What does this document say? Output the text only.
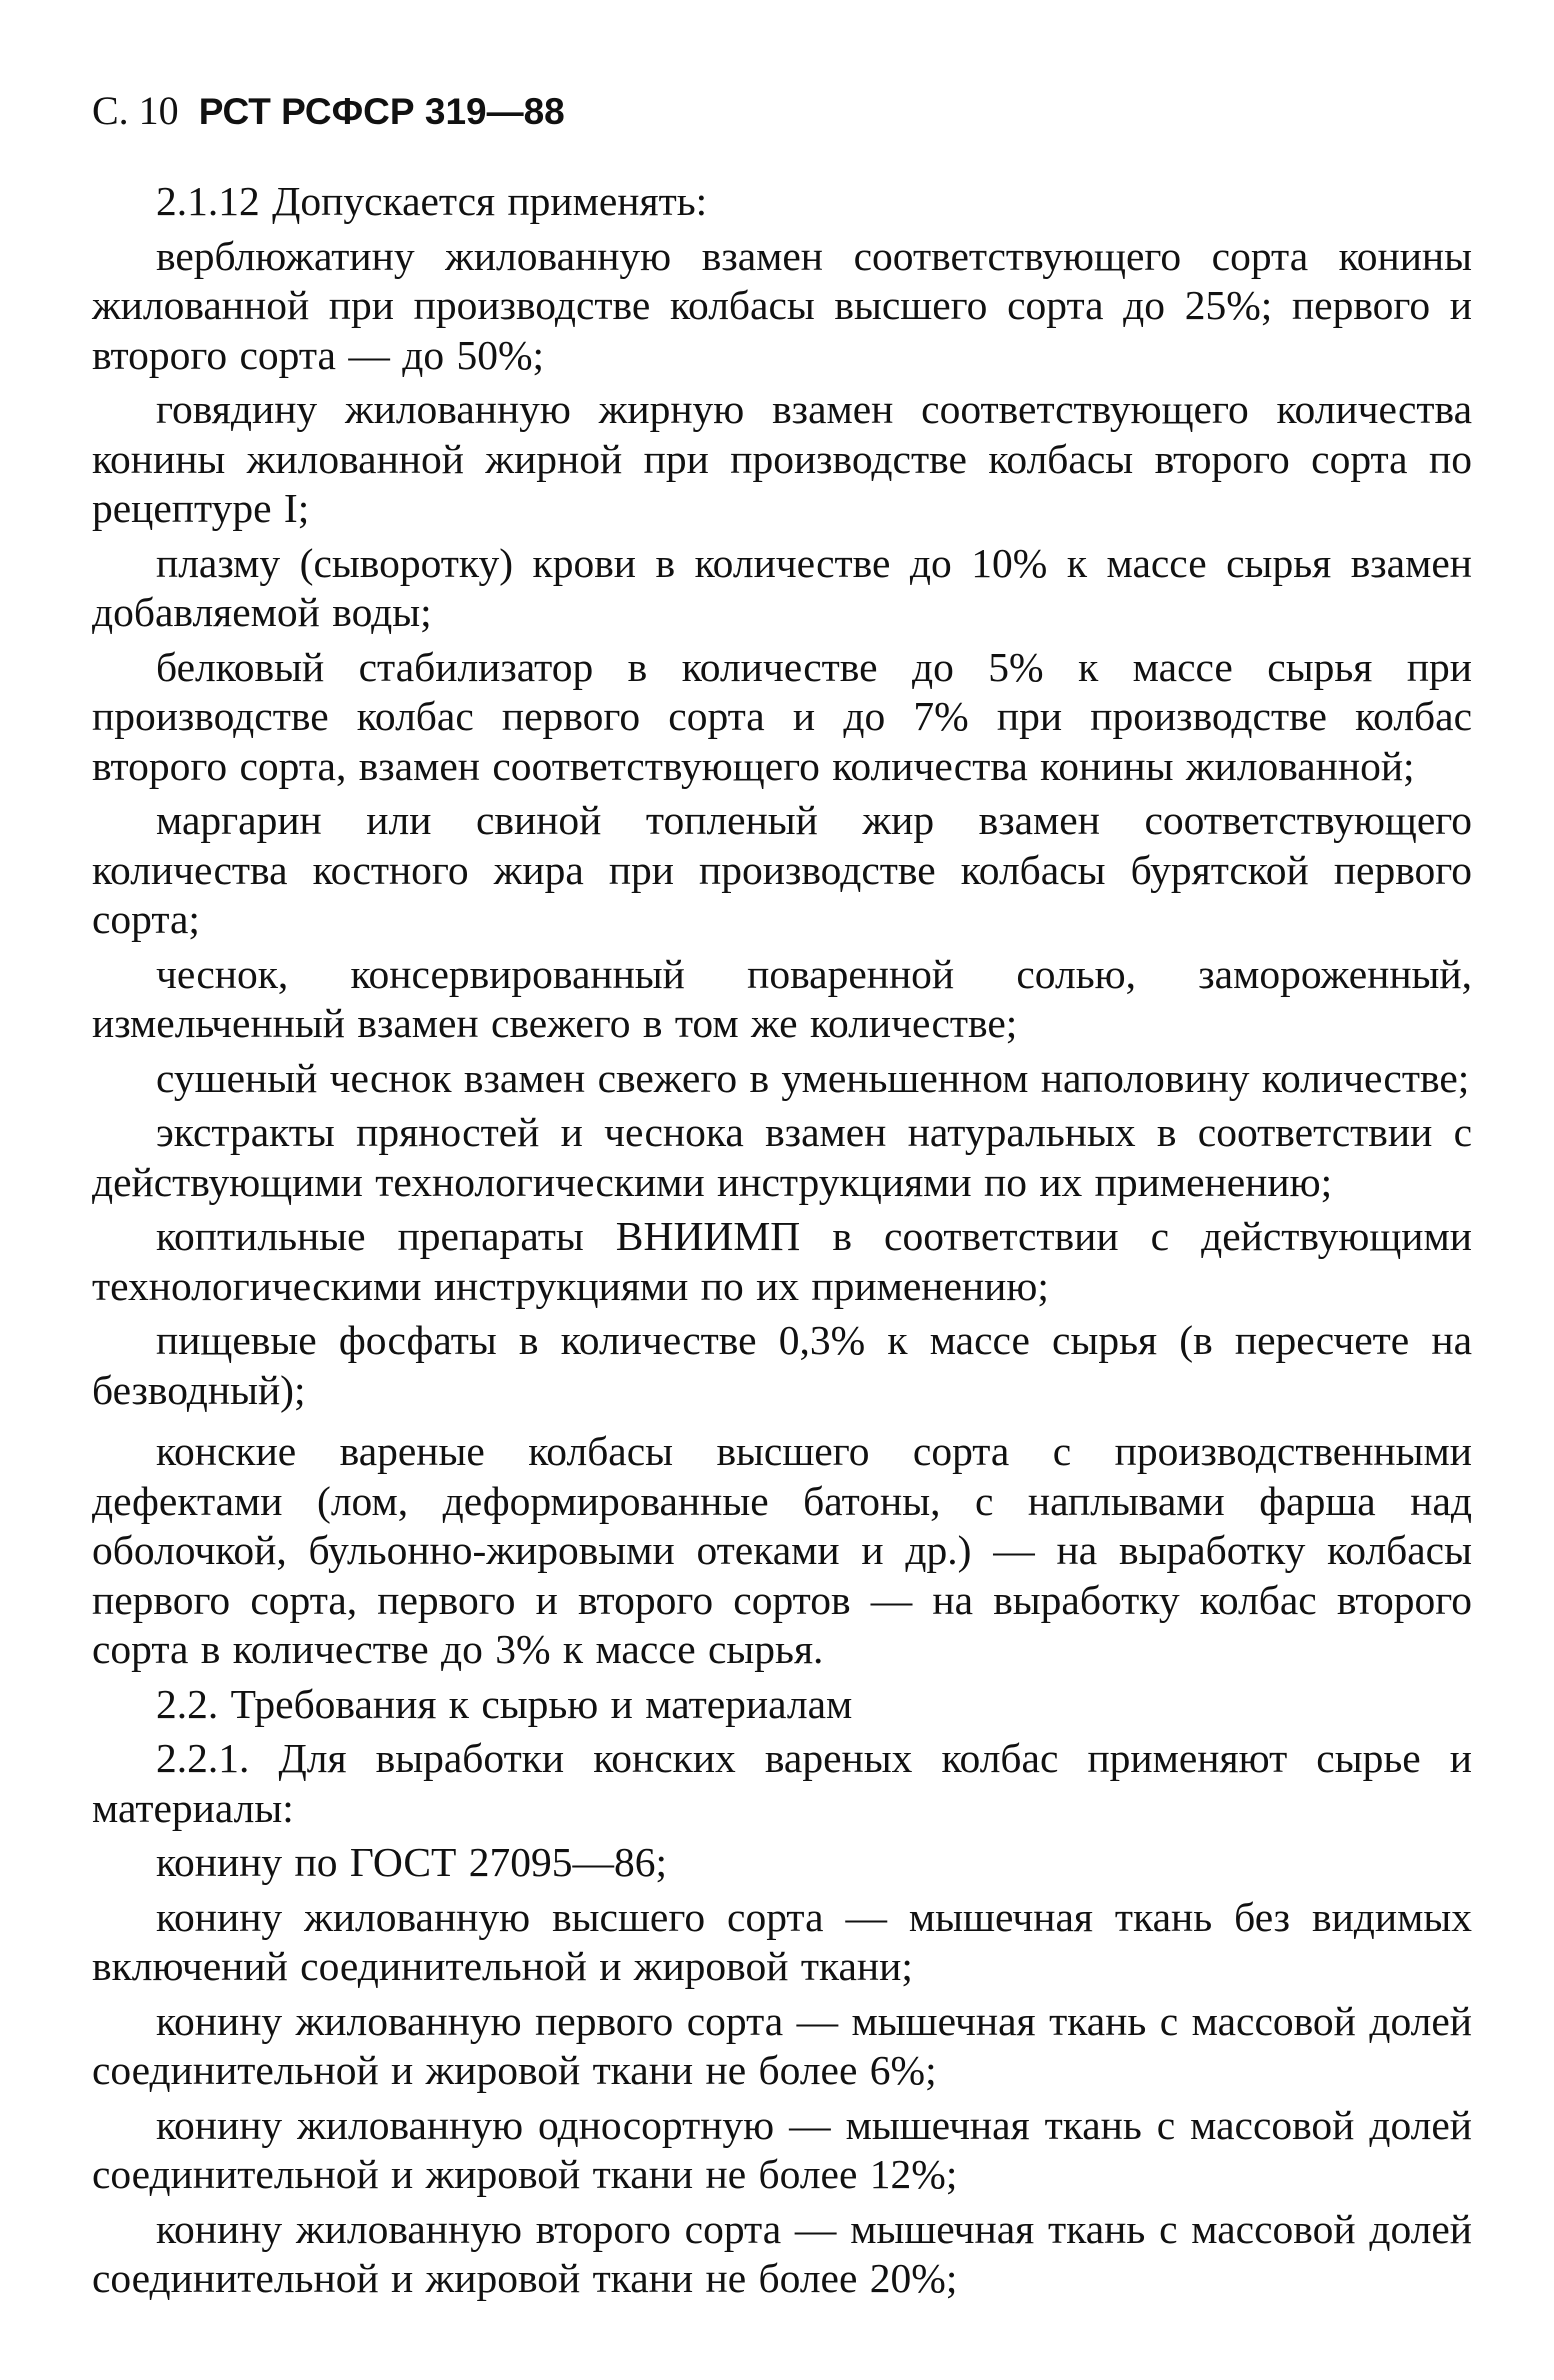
С. 10 РСТ РСФСР 319—88

2.1.12 Допускается применять:

верблюжатину жилованную взамен соответствующего сорта конины жилованной при производстве колбасы высшего сорта до 25%; первого и второго сорта — до 50%;

говядину жилованную жирную взамен соответствующего количества конины жилованной жирной при производстве колбасы второго сорта по рецептуре I;

плазму (сыворотку) крови в количестве до 10% к массе сырья взамен добавляемой воды;

белковый стабилизатор в количестве до 5% к массе сырья при производстве колбас первого сорта и до 7% при производстве колбас второго сорта, взамен соответствующего количества конины жилованной;

маргарин или свиной топленый жир взамен соответствующего количества костного жира при производстве колбасы бурятской первого сорта;

чеснок, консервированный поваренной солью, замороженный, измельченный взамен свежего в том же количестве;

сушеный чеснок взамен свежего в уменьшенном наполовину количестве;

экстракты пряностей и чеснока взамен натуральных в соответствии с действующими технологическими инструкциями по их применению;

коптильные препараты ВНИИМП в соответствии с действующими технологическими инструкциями по их применению;

пищевые фосфаты в количестве 0,3% к массе сырья (в пересчете на безводный);

конские вареные колбасы высшего сорта с производственными дефектами (лом, деформированные батоны, с наплывами фарша над оболочкой, бульонно-жировыми отеками и др.) — на выработку колбасы первого сорта, первого и второго сортов — на выработку колбас второго сорта в количестве до 3% к массе сырья.

2.2. Требования к сырью и материалам

2.2.1. Для выработки конских вареных колбас применяют сырье и материалы:

конину по ГОСТ 27095—86;

конину жилованную высшего сорта — мышечная ткань без видимых включений соединительной и жировой ткани;

конину жилованную первого сорта — мышечная ткань с массовой долей соединительной и жировой ткани не более 6%;

конину жилованную односортную — мышечная ткань с массовой долей соединительной и жировой ткани не более 12%;

конину жилованную второго сорта — мышечная ткань с массовой долей соединительной и жировой ткани не более 20%;
